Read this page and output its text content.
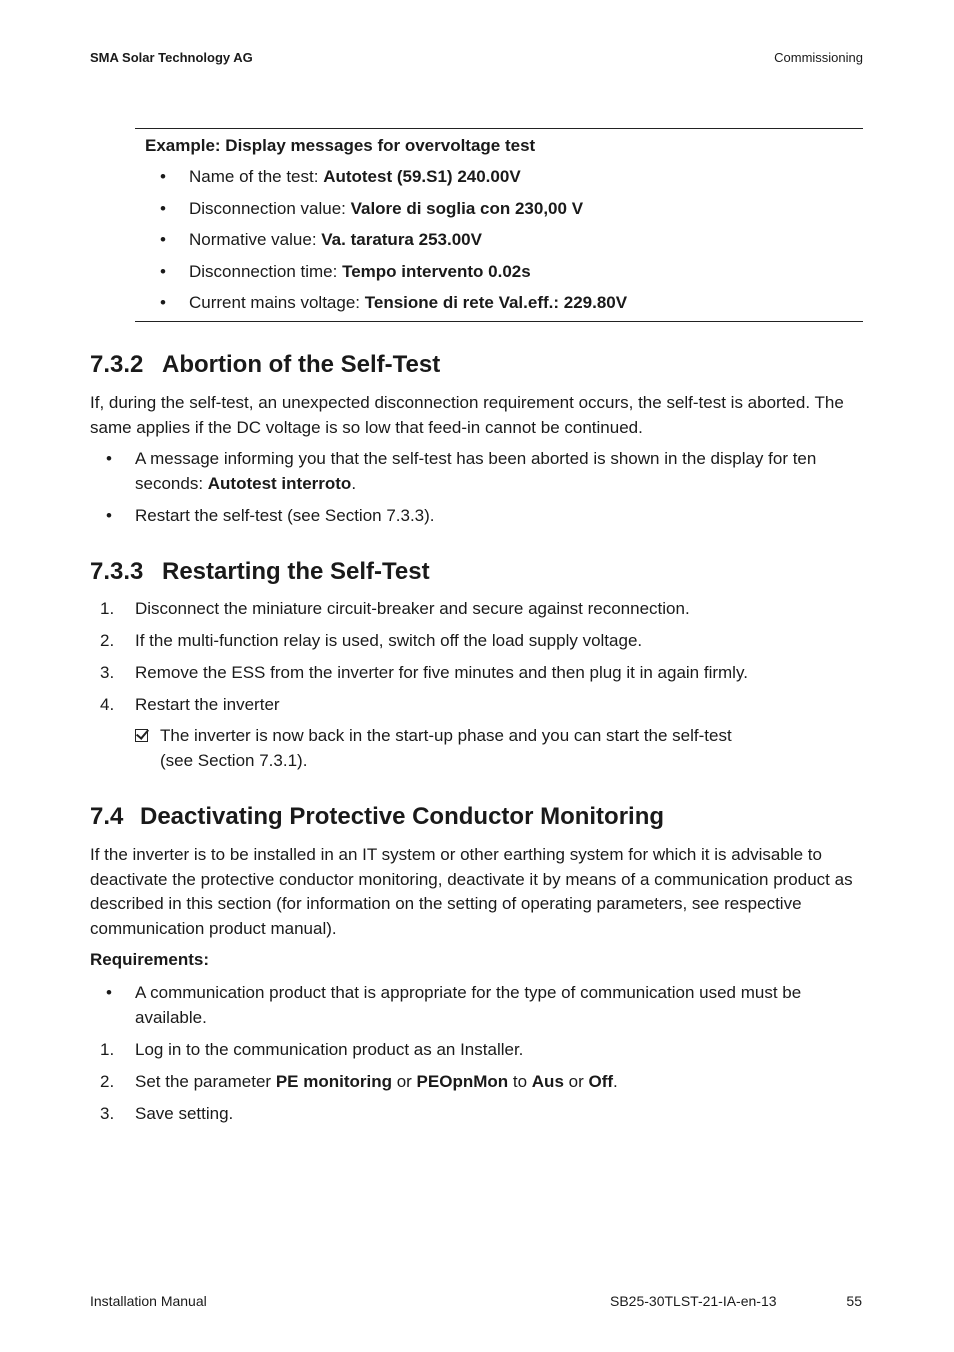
SMA Solar Technology AG	Commissioning
Example: Display messages for overvoltage test
• Name of the test: Autotest (59.S1) 240.00V
• Disconnection value: Valore di soglia con 230,00 V
• Normative value: Va. taratura 253.00V
• Disconnection time: Tempo intervento 0.02s
• Current mains voltage: Tensione di rete Val.eff.: 229.80V
7.3.2 Abortion of the Self-Test

If, during the self-test, an unexpected disconnection requirement occurs, the self-test is aborted. The same applies if the DC voltage is so low that feed-in cannot be continued.

• A message informing you that the self-test has been aborted is shown in the display for ten seconds: Autotest interroto.
• Restart the self-test (see Section 7.3.3).
7.3.3 Restarting the Self-Test
1. Disconnect the miniature circuit-breaker and secure against reconnection.
2. If the multi-function relay is used, switch off the load supply voltage.
3. Remove the ESS from the inverter for five minutes and then plug it in again firmly.
4. Restart the inverter
The inverter is now back in the start-up phase and you can start the self-test
(see Section 7.3.1).
7.4 Deactivating Protective Conductor Monitoring

If the inverter is to be installed in an IT system or other earthing system for which it is advisable to deactivate the protective conductor monitoring, deactivate it by means of a communication product as described in this section (for information on the setting of operating parameters, see respective communication product manual).

Requirements:
• A communication product that is appropriate for the type of communication used must be available.
1. Log in to the communication product as an Installer.
2. Set the parameter PE monitoring or PEOpnMon to Aus or Off.
3. Save setting.
Installation Manual	SB25-30TLST-21-IA-en-13	55
